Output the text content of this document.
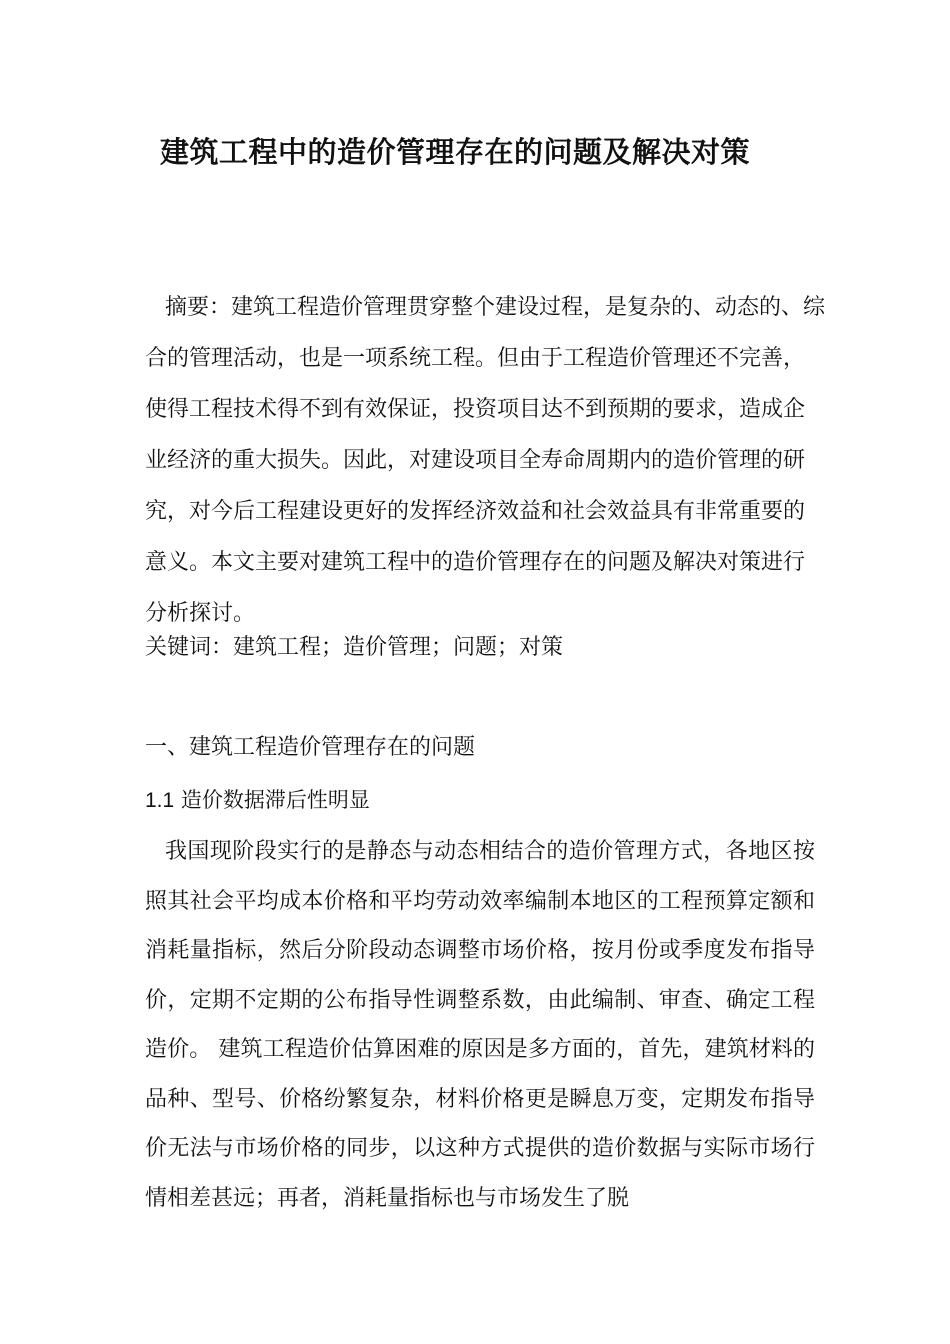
建筑工程中的造价管理存在的问题及解决对策

摘要：建筑工程造价管理贯穿整个建设过程，是复杂的、动态的、综合的管理活动，也是一项系统工程。但由于工程造价管理还不完善，使得工程技术得不到有效保证，投资项目达不到预期的要求，造成企业经济的重大损失。因此，对建设项目全寿命周期内的造价管理的研究，对今后工程建设更好的发挥经济效益和社会效益具有非常重要的意义。本文主要对建筑工程中的造价管理存在的问题及解决对策进行分析探讨。

关键词：建筑工程；造价管理；问题；对策

一、建筑工程造价管理存在的问题

1.1 造价数据滞后性明显

我国现阶段实行的是静态与动态相结合的造价管理方式，各地区按照其社会平均成本价格和平均劳动效率编制本地区的工程预算定额和消耗量指标，然后分阶段动态调整市场价格，按月份或季度发布指导价，定期不定期的公布指导性调整系数，由此编制、审查、确定工程造价。 建筑工程造价估算困难的原因是多方面的，首先，建筑材料的品种、型号、价格纷繁复杂，材料价格更是瞬息万变，定期发布指导价无法与市场价格的同步，以这种方式提供的造价数据与实际市场行情相差甚远；再者，消耗量指标也与市场发生了脱
